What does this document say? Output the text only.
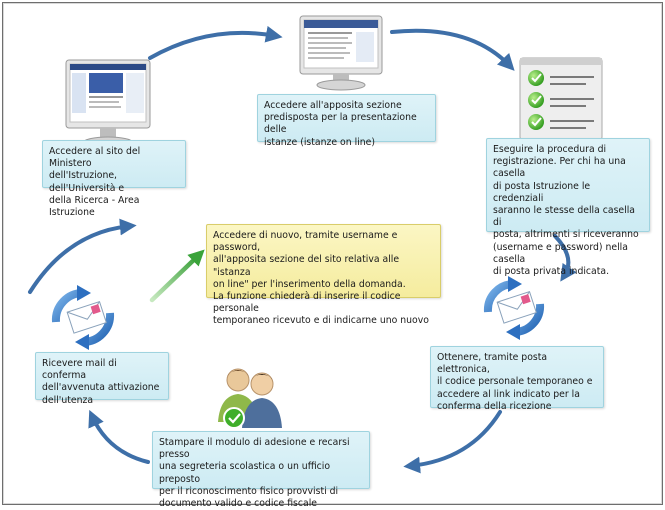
Accedere al sito del Ministero
dell'Istruzione, dell'Università e
della Ricerca - Area Istruzione
Accedere all'apposita sezione
predisposta per la presentazione delle
istanze (istanze on line)
Eseguire la procedura di
registrazione. Per chi ha una casella
di posta Istruzione le credenziali
saranno le stesse della casella di
posta, altrimenti si riceveranno
(username e password) nella casella
di posta privata indicata.
Ottenere, tramite posta elettronica,
il codice personale temporaneo e
accedere al link indicato per la
conferma della ricezione
Stampare il modulo di adesione e recarsi presso
una segreteria scolastica o un ufficio preposto
per il riconoscimento fisico provvisti di
documento valido e codice fiscale
Ricevere mail di conferma
dell'avvenuta attivazione
dell'utenza
Accedere di nuovo, tramite username e password,
all'apposita sezione del sito relativa alle "istanza
on line" per l'inserimento della domanda.
La funzione chiederà di inserire il codice personale
temporaneo ricevuto e di indicarne uno nuovo
